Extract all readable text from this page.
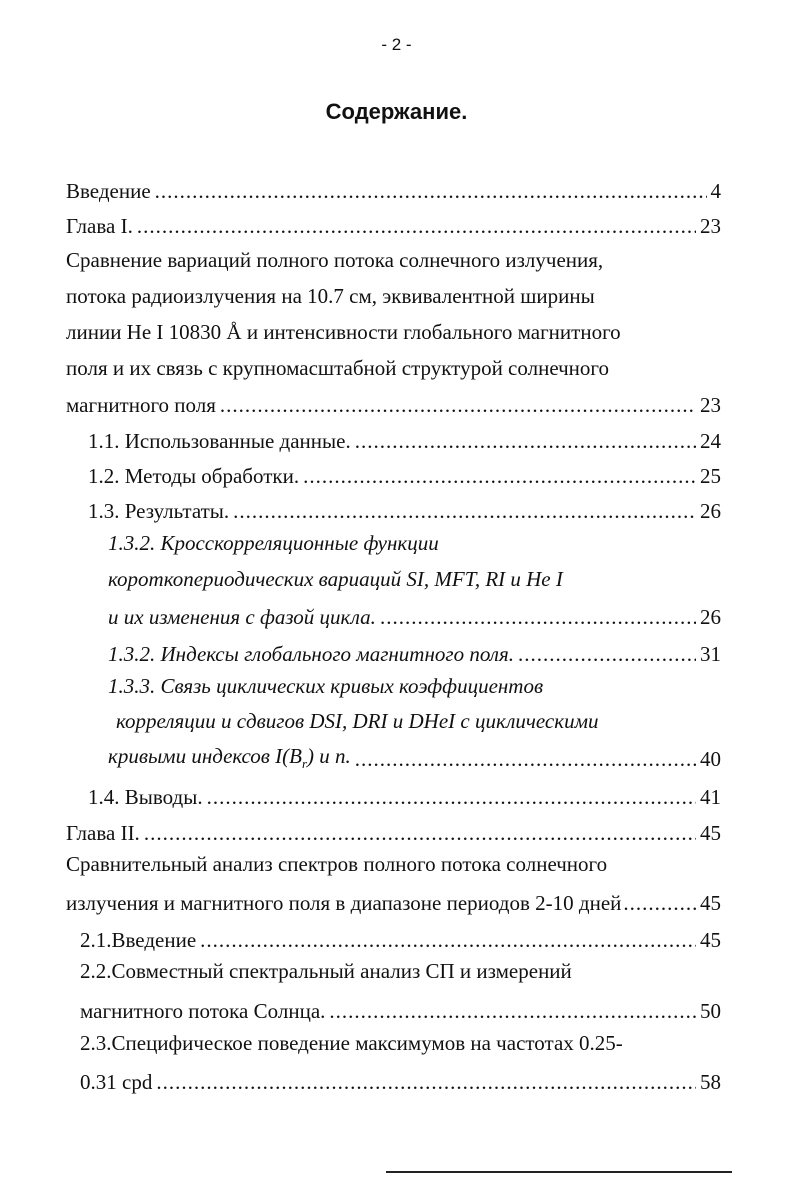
- 2 -
Содержание.
Введение .....	4
Глава I. .....	23
Сравнение вариаций полного потока солнечного излучения,
потока радиоизлучения на 10.7 см, эквивалентной ширины
линии He I 10830 Å и интенсивности глобального магнитного
поля и их связь с крупномасштабной структурой солнечного
магнитного поля .....	23
1.1. Использованные данные. .....	24
1.2. Методы обработки. .....	25
1.3. Результаты. .....	26
1.3.2. Кросскорреляционные функции
короткопериодических вариаций SI, MFT, RI и He I
и их изменения с фазой цикла. .....	26
1.3.2. Индексы глобального магнитного поля. .....	31
1.3.3. Связь циклических кривых коэффициентов
корреляции и сдвигов DSI, DRI и DHeI с циклическими
кривыми индексов $I(B_r)$ и n. .....	40
1.4. Выводы. .....	41
Глава II. .....	45
Сравнительный анализ спектров полного потока солнечного
излучения и магнитного поля в диапазоне периодов 2-10 дней .....	45
2.1.Введение .....	45
2.2.Совместный спектральный анализ СП и измерений
магнитного потока Солнца. .....	50
2.3.Специфическое поведение максимумов на частотах 0.25-
0.31 cpd .....	58
